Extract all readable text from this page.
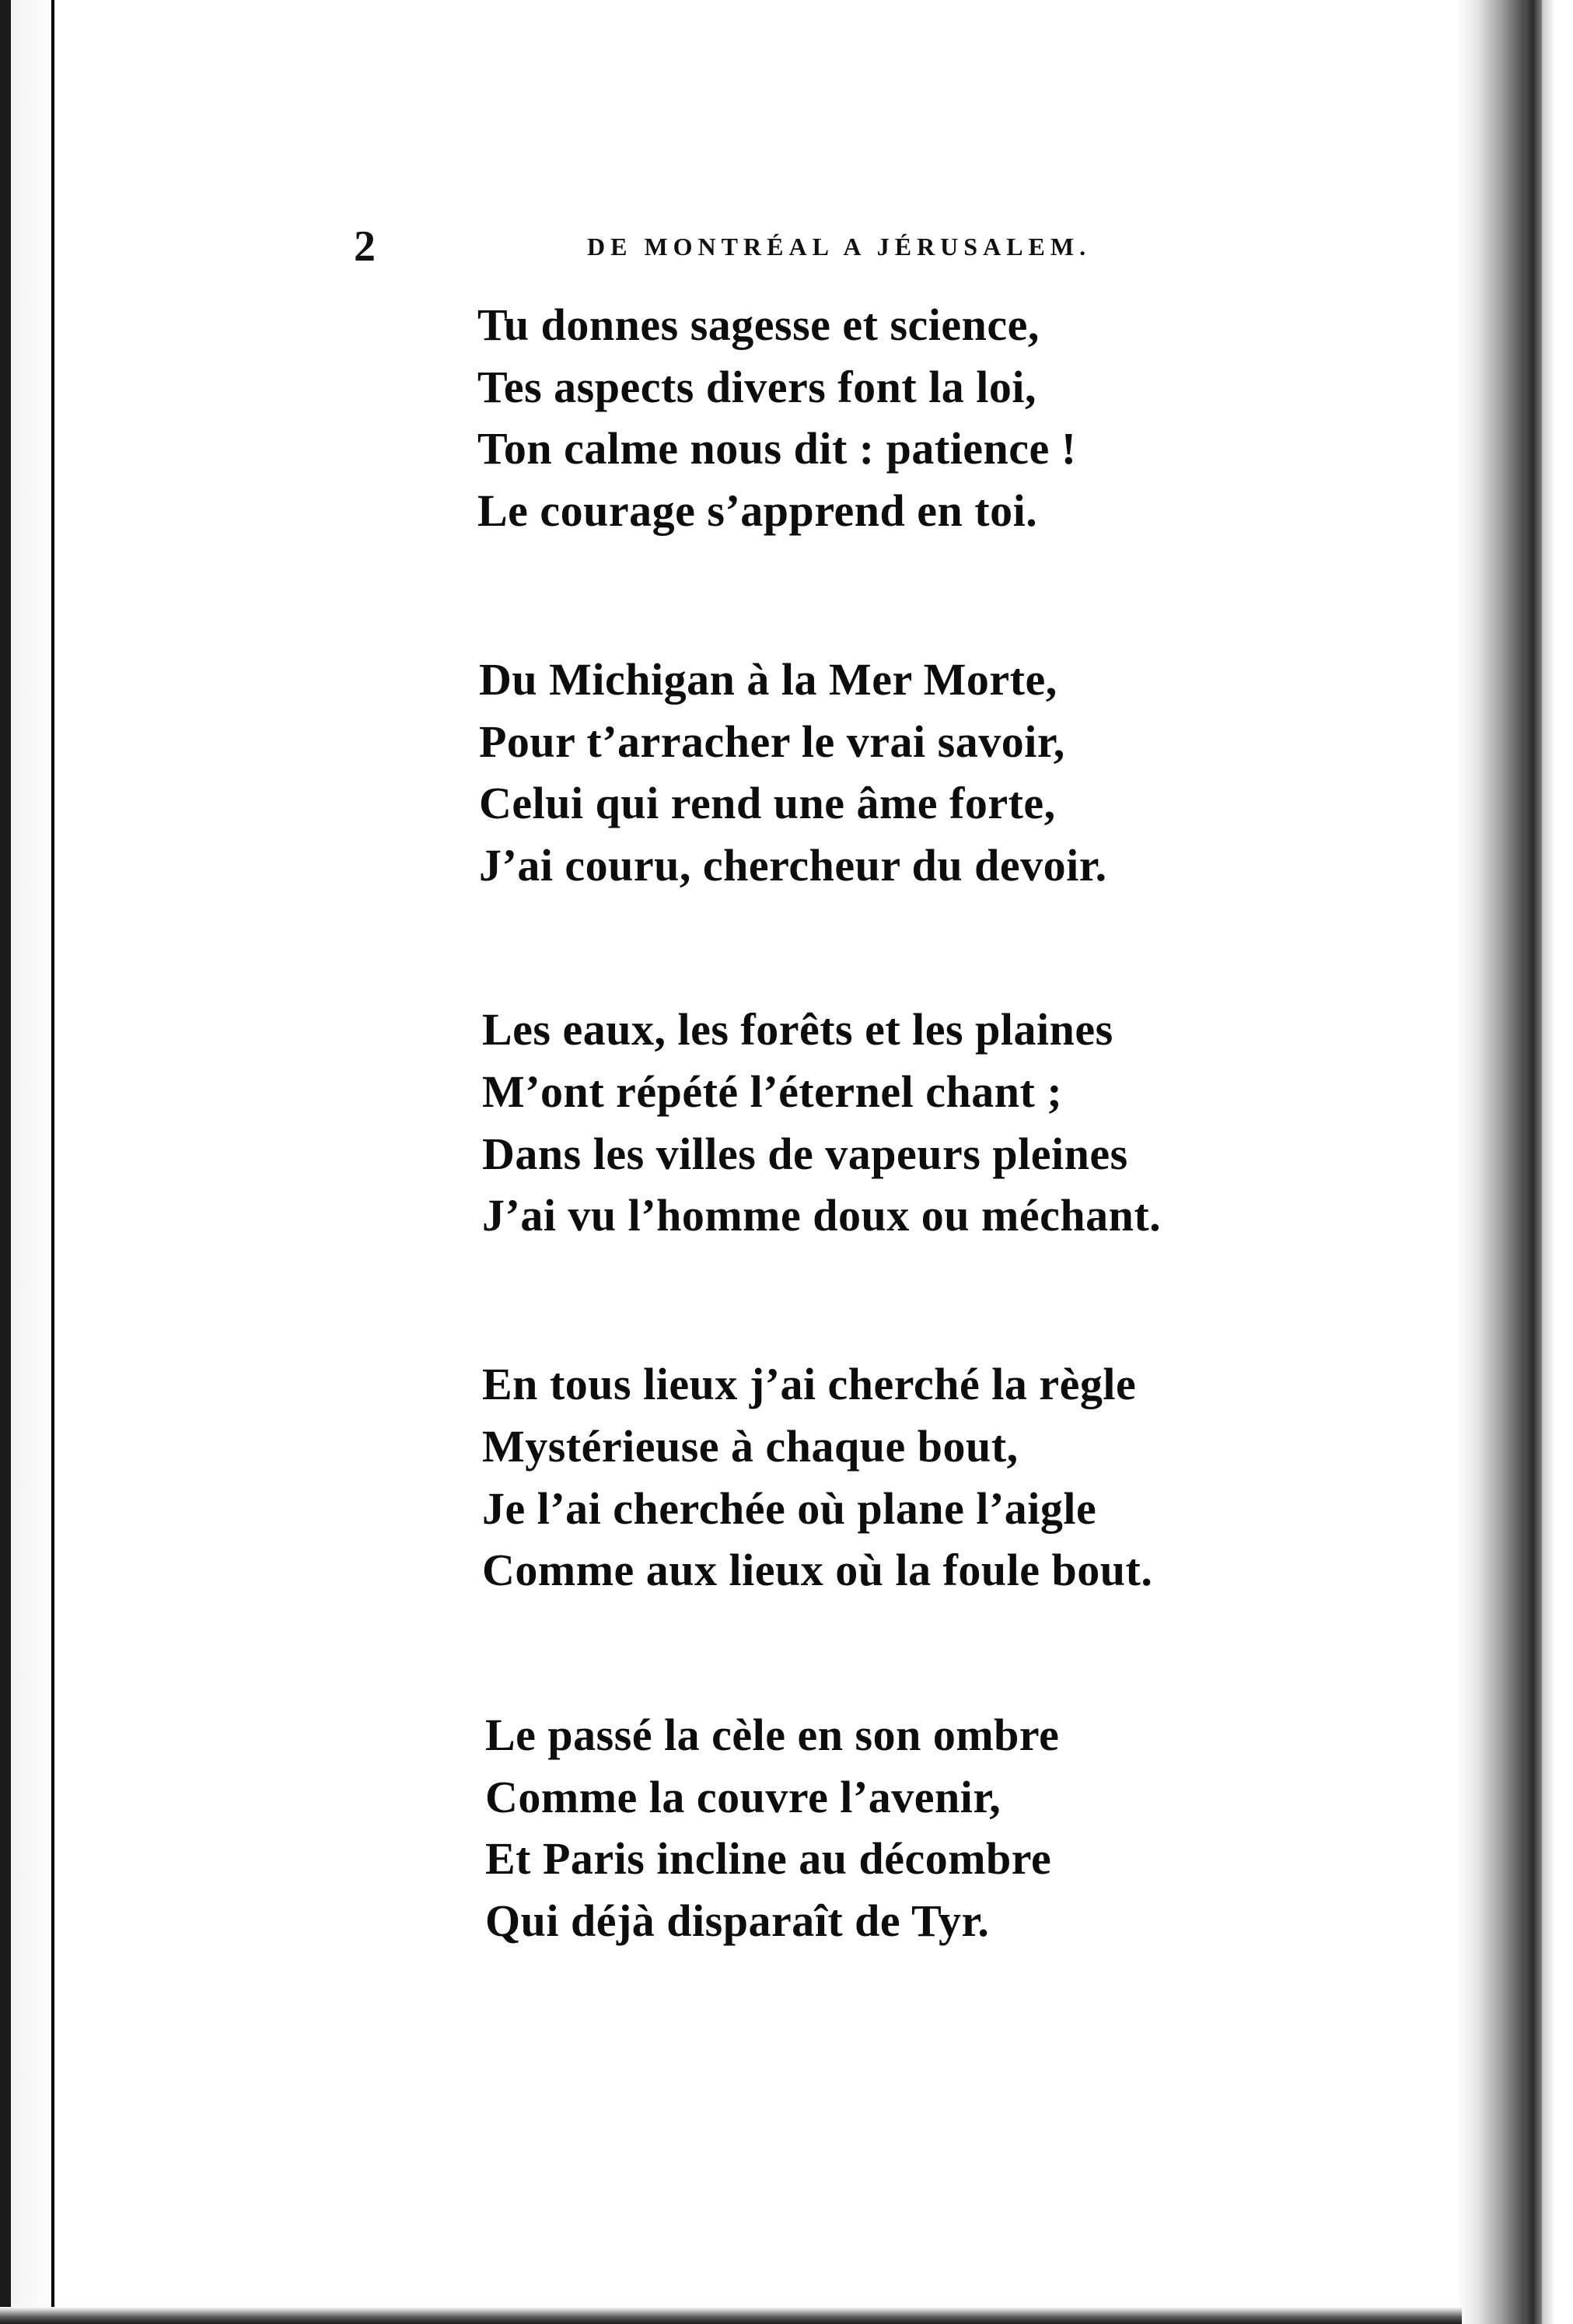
2	DE MONTRÉAL A JÉRUSALEM.
Tu donnes sagesse et science,
Tes aspects divers font la loi,
Ton calme nous dit : patience !
Le courage s’apprend en toi.
Du Michigan à la Mer Morte,
Pour t’arracher le vrai savoir,
Celui qui rend une âme forte,
J’ai couru, chercheur du devoir.
Les eaux, les forêts et les plaines
M’ont répété l’éternel chant ;
Dans les villes de vapeurs pleines
J’ai vu l’homme doux ou méchant.
En tous lieux j’ai cherché la règle
Mystérieuse à chaque bout,
Je l’ai cherchée où plane l’aigle
Comme aux lieux où la foule bout.
Le passé la cèle en son ombre
Comme la couvre l’avenir,
Et Paris incline au décombre
Qui déjà disparaît de Tyr.
